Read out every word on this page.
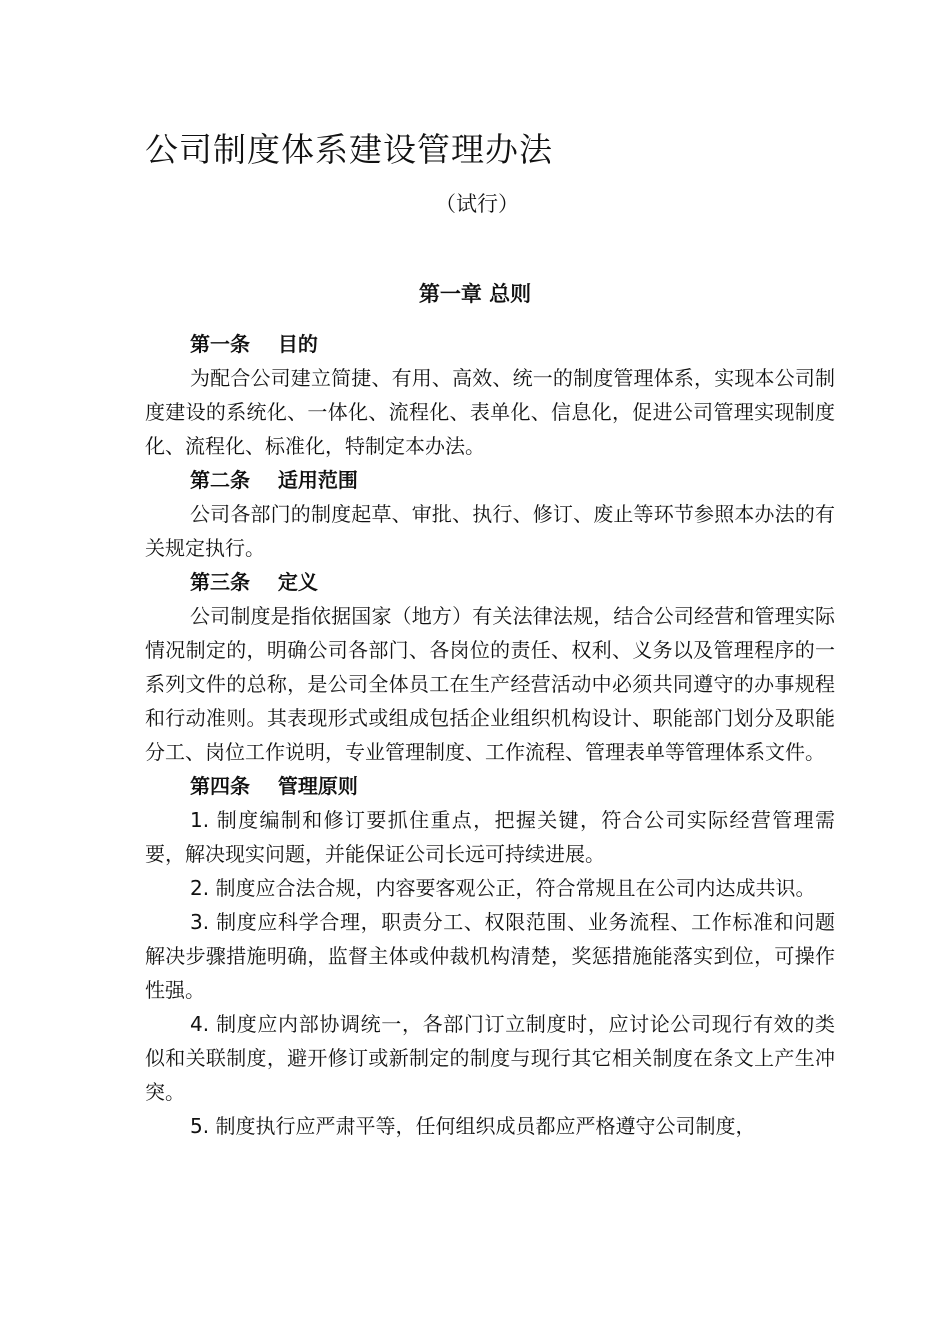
公司制度体系建设管理办法
（试行）
第一章 总则

第一条    目的

为配合公司建立简捷、有用、高效、统一的制度管理体系，实现本公司制度建设的系统化、一体化、流程化、表单化、信息化，促进公司管理实现制度化、流程化、标准化，特制定本办法。

第二条    适用范围

公司各部门的制度起草、审批、执行、修订、废止等环节参照本办法的有关规定执行。

第三条    定义

公司制度是指依据国家（地方）有关法律法规，结合公司经营和管理实际情况制定的，明确公司各部门、各岗位的责任、权利、义务以及管理程序的一系列文件的总称，是公司全体员工在生产经营活动中必须共同遵守的办事规程和行动准则。其表现形式或组成包括企业组织机构设计、职能部门划分及职能分工、岗位工作说明，专业管理制度、工作流程、管理表单等管理体系文件。

第四条    管理原则

1. 制度编制和修订要抓住重点，把握关键，符合公司实际经营管理需要，解决现实问题，并能保证公司长远可持续进展。

2. 制度应合法合规，内容要客观公正，符合常规且在公司内达成共识。

3. 制度应科学合理，职责分工、权限范围、业务流程、工作标准和问题解决步骤措施明确，监督主体或仲裁机构清楚，奖惩措施能落实到位，可操作性强。

4. 制度应内部协调统一，各部门订立制度时，应讨论公司现行有效的类似和关联制度，避开修订或新制定的制度与现行其它相关制度在条文上产生冲突。

5. 制度执行应严肃平等，任何组织成员都应严格遵守公司制度，
